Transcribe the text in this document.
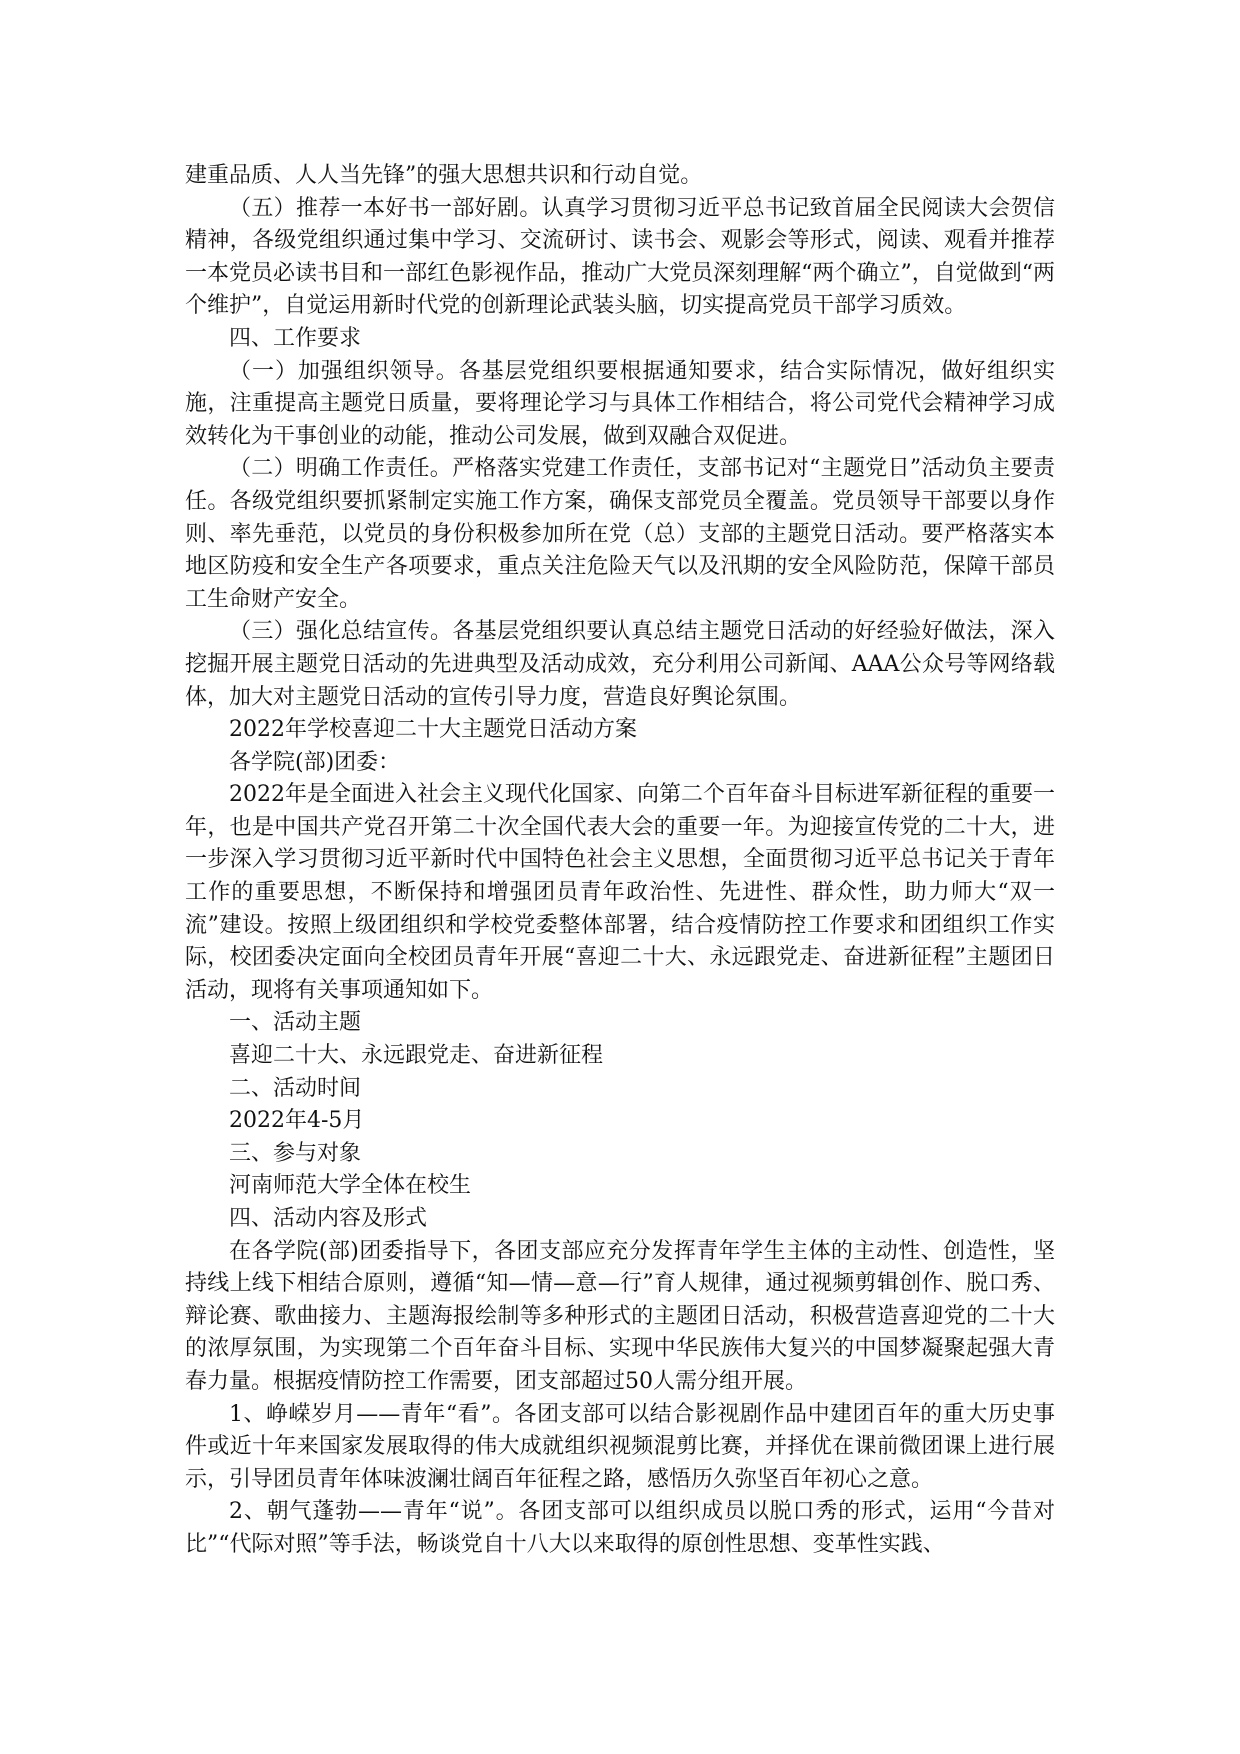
建重品质、人人当先锋”的强大思想共识和行动自觉。

（五）推荐一本好书一部好剧。认真学习贯彻习近平总书记致首届全民阅读大会贺信精神，各级党组织通过集中学习、交流研讨、读书会、观影会等形式，阅读、观看并推荐一本党员必读书目和一部红色影视作品，推动广大党员深刻理解“两个确立”，自觉做到“两个维护”，自觉运用新时代党的创新理论武装头脑，切实提高党员干部学习质效。

四、工作要求

（一）加强组织领导。各基层党组织要根据通知要求，结合实际情况，做好组织实施，注重提高主题党日质量，要将理论学习与具体工作相结合，将公司党代会精神学习成效转化为干事创业的动能，推动公司发展，做到双融合双促进。

（二）明确工作责任。严格落实党建工作责任，支部书记对“主题党日”活动负主要责任。各级党组织要抓紧制定实施工作方案，确保支部党员全覆盖。党员领导干部要以身作则、率先垂范，以党员的身份积极参加所在党（总）支部的主题党日活动。要严格落实本地区防疫和安全生产各项要求，重点关注危险天气以及汛期的安全风险防范，保障干部员工生命财产安全。

（三）强化总结宣传。各基层党组织要认真总结主题党日活动的好经验好做法，深入挖掘开展主题党日活动的先进典型及活动成效，充分利用公司新闻、AAA公众号等网络载体，加大对主题党日活动的宣传引导力度，营造良好舆论氛围。

2022年学校喜迎二十大主题党日活动方案

各学院(部)团委：

2022年是全面进入社会主义现代化国家、向第二个百年奋斗目标进军新征程的重要一年，也是中国共产党召开第二十次全国代表大会的重要一年。为迎接宣传党的二十大，进一步深入学习贯彻习近平新时代中国特色社会主义思想，全面贯彻习近平总书记关于青年工作的重要思想，不断保持和增强团员青年政治性、先进性、群众性，助力师大“双一流”建设。按照上级团组织和学校党委整体部署，结合疫情防控工作要求和团组织工作实际，校团委决定面向全校团员青年开展“喜迎二十大、永远跟党走、奋进新征程”主题团日活动，现将有关事项通知如下。

一、活动主题

喜迎二十大、永远跟党走、奋进新征程

二、活动时间

2022年4-5月

三、参与对象

河南师范大学全体在校生

四、活动内容及形式

在各学院(部)团委指导下，各团支部应充分发挥青年学生主体的主动性、创造性，坚持线上线下相结合原则，遵循“知—情—意—行”育人规律，通过视频剪辑创作、脱口秀、辩论赛、歌曲接力、主题海报绘制等多种形式的主题团日活动，积极营造喜迎党的二十大的浓厚氛围，为实现第二个百年奋斗目标、实现中华民族伟大复兴的中国梦凝聚起强大青春力量。根据疫情防控工作需要，团支部超过50人需分组开展。

1、峥嵘岁月——青年“看”。各团支部可以结合影视剧作品中建团百年的重大历史事件或近十年来国家发展取得的伟大成就组织视频混剪比赛，并择优在课前微团课上进行展示，引导团员青年体味波澜壮阔百年征程之路，感悟历久弥坚百年初心之意。

2、朝气蓬勃——青年“说”。各团支部可以组织成员以脱口秀的形式，运用“今昔对比”“代际对照”等手法，畅谈党自十八大以来取得的原创性思想、变革性实践、
